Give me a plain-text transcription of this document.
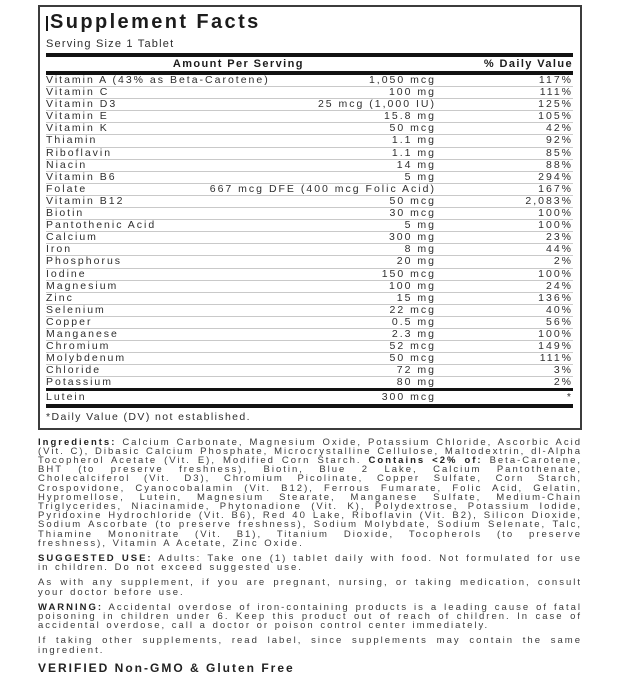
Supplement Facts
Serving Size 1 Tablet
Amount Per Serving	% Daily Value
Vitamin A (43% as Beta-Carotene)	1,050 mcg	117%
Vitamin C	100 mg	111%
Vitamin D3	25 mcg (1,000 IU)	125%
Vitamin E	15.8 mg	105%
Vitamin K	50 mcg	42%
Thiamin	1.1 mg	92%
Riboflavin	1.1 mg	85%
Niacin	14 mg	88%
Vitamin B6	5 mg	294%
Folate	667 mcg DFE (400 mcg Folic Acid)	167%
Vitamin B12	50 mcg	2,083%
Biotin	30 mcg	100%
Pantothenic Acid	5 mg	100%
Calcium	300 mg	23%
Iron	8 mg	44%
Phosphorus	20 mg	2%
Iodine	150 mcg	100%
Magnesium	100 mg	24%
Zinc	15 mg	136%
Selenium	22 mcg	40%
Copper	0.5 mg	56%
Manganese	2.3 mg	100%
Chromium	52 mcg	149%
Molybdenum	50 mcg	111%
Chloride	72 mg	3%
Potassium	80 mg	2%
Lutein	300 mcg	*
*Daily Value (DV) not established.

Ingredients: Calcium Carbonate, Magnesium Oxide, Potassium Chloride, Ascorbic Acid (Vit. C), Dibasic Calcium Phosphate, Microcrystalline Cellulose, Maltodextrin, dl-Alpha Tocopherol Acetate (Vit. E), Modified Corn Starch. Contains <2% of: Beta-Carotene, BHT (to preserve freshness), Biotin, Blue 2 Lake, Calcium Pantothenate, Cholecalciferol (Vit. D3), Chromium Picolinate, Copper Sulfate, Corn Starch, Crospovidone, Cyanocobalamin (Vit. B12), Ferrous Fumarate, Folic Acid, Gelatin, Hypromellose, Lutein, Magnesium Stearate, Manganese Sulfate, Medium-Chain Triglycerides, Niacinamide, Phytonadione (Vit. K), Polydextrose, Potassium Iodide, Pyridoxine Hydrochloride (Vit. B6), Red 40 Lake, Riboflavin (Vit. B2), Silicon Dioxide, Sodium Ascorbate (to preserve freshness), Sodium Molybdate, Sodium Selenate, Talc, Thiamine Mononitrate (Vit. B1), Titanium Dioxide, Tocopherols (to preserve freshness), Vitamin A Acetate, Zinc Oxide.

SUGGESTED USE: Adults: Take one (1) tablet daily with food. Not formulated for use in children. Do not exceed suggested use.

As with any supplement, if you are pregnant, nursing, or taking medication, consult your doctor before use.

WARNING: Accidental overdose of iron-containing products is a leading cause of fatal poisoning in children under 6. Keep this product out of reach of children. In case of accidental overdose, call a doctor or poison control center immediately.

If taking other supplements, read label, since supplements may contain the same ingredient.

VERIFIED Non-GMO & Gluten Free
